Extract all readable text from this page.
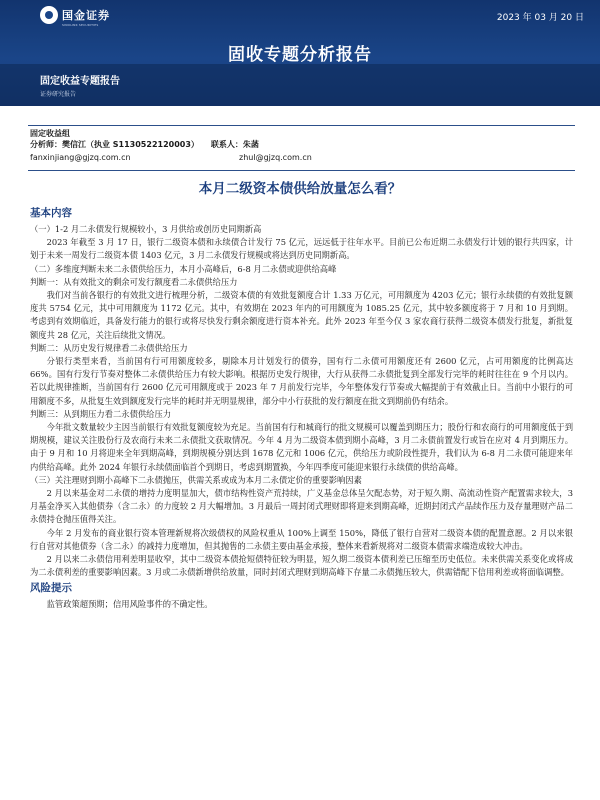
国金证券
SINOLINK SECURITIES
2023 年 03 月 20 日
固收专题分析报告
固定收益专题报告
证券研究报告
固定收益组
分析师：樊信江（执业 S1130522120003） 联系人：朱菡
fanxinjiang@gjzq.com.cn	zhul@gjzq.com.cn
本月二级资本债供给放量怎么看？
基本内容
（一）1-2 月二永债发行规模较小，3 月供给或创历史同期新高
2023 年截至 3 月 17 日，银行二级资本债和永续债合计发行 75 亿元，远远低于往年水平。目前已公布近期二永债发行计划的银行共四家，计划于未来一周发行二级资本债 1403 亿元，3 月二永债发行规模或将达到历史同期新高。
（二）多维度判断未来二永债供给压力，本月小高峰后，6-8 月二永债或迎供给高峰
判断一：从有效批文的剩余可发行额度看二永债供给压力
我们对当前各银行的有效批文进行梳理分析，二级资本债的有效批复额度合计 1.33 万亿元，可用额度为 4203 亿元；银行永续债的有效批复额度共 5754 亿元，其中可用额度为 1172 亿元。其中，有效期在 2023 年内的可用额度为 1085.25 亿元，其中较多额度将于 7 月和 10 月到期。考虑到有效期临近，具备发行能力的银行或将尽快发行剩余额度进行资本补充。此外 2023 年至今仅 3 家农商行获得二级资本债发行批复，新批复额度共 28 亿元，关注后续批文情况。
判断二：从历史发行规律看二永债供给压力
分银行类型来看，当前国有行可用额度较多，剔除本月计划发行的债券，国有行二永债可用额度还有 2600 亿元，占可用额度的比例高达 66%。国有行发行节奏对整体二永债供给压力有较大影响。根据历史发行规律，大行从获得二永债批复到全部发行完毕的耗时往往在 9 个月以内。若以此规律推断，当前国有行 2600 亿元可用额度或于 2023 年 7 月前发行完毕，今年整体发行节奏或大幅提前于有效截止日。当前中小银行的可用额度不多，从批复生效到额度发行完毕的耗时并无明显规律，部分中小行获批的发行额度在批文到期前仍有结余。
判断三：从到期压力看二永债供给压力
今年批文数量较少主因当前银行有效批复额度较为充足。当前国有行和城商行的批文规模可以覆盖到期压力；股份行和农商行的可用额度低于到期规模，建议关注股份行及农商行未来二永债批文获取情况。今年 4 月为二级资本债到期小高峰，3 月二永债前置发行或旨在应对 4 月到期压力。由于 9 月和 10 月将迎来全年到期高峰，到期规模分别达到 1678 亿元和 1006 亿元，供给压力或阶段性提升，我们认为 6-8 月二永债可能迎来年内供给高峰。此外 2024 年银行永续债面临首个到期日，考虑到期置换，今年四季度可能迎来银行永续债的供给高峰。
（三）关注理财到期小高峰下二永债抛压，供需关系或成为本月二永债定价的重要影响因素
2 月以来基金对二永债的增持力度明显加大，债市结构性资产荒持续，广义基金总体呈欠配态势，对于短久期、高流动性资产配置需求较大，3 月基金净买入其他债券（含二永）的力度较 2 月大幅增加。3 月最后一周封闭式理财即将迎来到期高峰，近期封闭式产品续作压力及存量理财产品二永债持仓抛压值得关注。
今年 2 月发布的商业银行资本管理新规将次级债权的风险权重从 100%上调至 150%，降低了银行自营对二级资本债的配置意愿。2 月以来银行自营对其他债券（含二永）的减持力度增加，但其抛售的二永债主要由基金承接，整体来看新规将对二级资本债需求端造成较大冲击。
2 月以来二永债信用利差明显收窄，其中二级资本债抢短债特征较为明显，短久期二级资本债利差已压缩至历史低位。未来供需关系变化或将成为二永债利差的重要影响因素。3 月或二永债新增供给放量，同时封闭式理财到期高峰下存量二永债抛压较大，供需错配下信用利差或将面临调整。
风险提示
监管政策超预期；信用风险事件的不确定性。
